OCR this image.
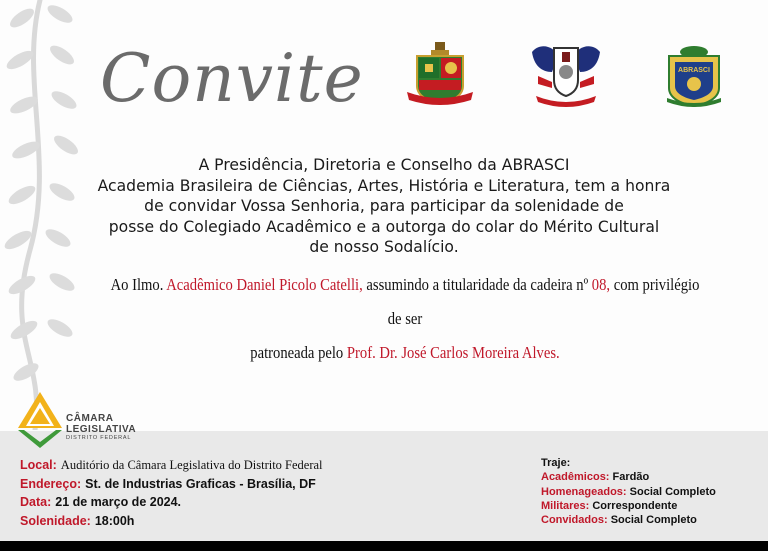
Convite	ABRASCI
A Presidência, Diretoria e Conselho da ABRASCI
Academia Brasileira de Ciências, Artes, História e Literatura, tem a honra
de convidar Vossa Senhoria, para participar da solenidade de
posse do Colegiado Acadêmico e a outorga do colar do Mérito Cultural
de nosso Sodalício.
Ao Ilmo. Acadêmico Daniel Picolo Catelli, assumindo a titularidade da cadeira nº 08, com privilégio de ser
patroneada pelo Prof. Dr. José Carlos Moreira Alves.
CÂMARA
LEGISLATIVA
DISTRITO FEDERAL
Local: Auditório da Câmara Legislativa do Distrito Federal
Endereço: St. de Industrias Graficas - Brasília, DF
Data: 21 de março de 2024.
Solenidade: 18:00h
Traje:
Acadêmicos: Fardão
Homenageados: Social Completo
Militares: Correspondente
Convidados: Social Completo
